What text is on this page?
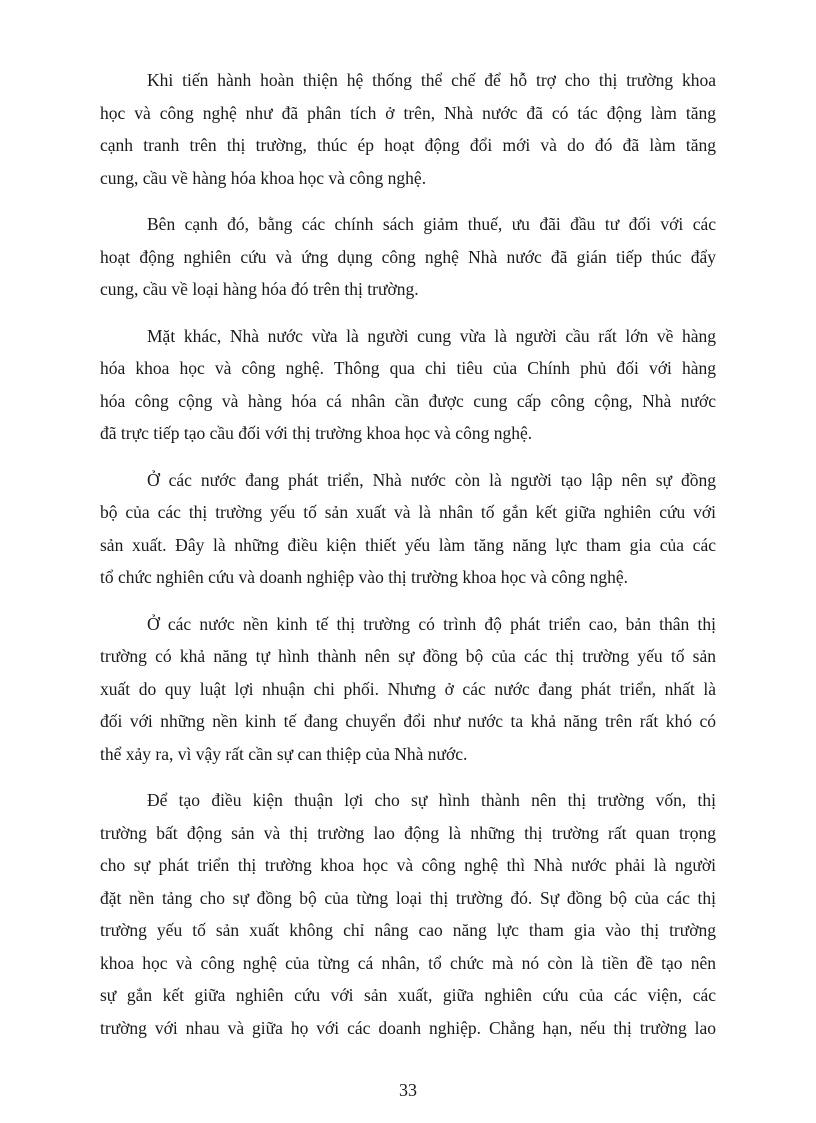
Khi tiến hành hoàn thiện hệ thống thể chế để hỗ trợ cho thị trường khoa
học và công nghệ như đã phân tích ở trên, Nhà nước đã có tác động làm tăng
cạnh tranh trên thị trường, thúc ép hoạt động đổi mới và do đó đã làm tăng
cung, cầu về hàng hóa khoa học và công nghệ.
Bên cạnh đó, bằng các chính sách giảm thuế, ưu đãi đầu tư đối với các
hoạt động nghiên cứu và ứng dụng công nghệ Nhà nước đã gián tiếp thúc đẩy
cung, cầu về loại hàng hóa đó trên thị trường.
Mặt khác, Nhà nước vừa là người cung vừa là người cầu rất lớn về hàng
hóa khoa học và công nghệ. Thông qua chi tiêu của Chính phủ đối với hàng
hóa công cộng và hàng hóa cá nhân cần được cung cấp công cộng, Nhà nước
đã trực tiếp tạo cầu đối với thị trường khoa học và công nghệ.
Ở các nước đang phát triển, Nhà nước còn là người tạo lập nên sự đồng
bộ của các thị trường yếu tố sản xuất và là nhân tố gắn kết giữa nghiên cứu với
sản xuất. Đây là những điều kiện thiết yếu làm tăng năng lực tham gia của các
tổ chức nghiên cứu và doanh nghiệp vào thị trường khoa học và công nghệ.
Ở các nước nền kinh tế thị trường có trình độ phát triển cao, bản thân thị
trường có khả năng tự hình thành nên sự đồng bộ của các thị trường yếu tố sản
xuất do quy luật lợi nhuận chi phối. Nhưng ở các nước đang phát triển, nhất là
đối với những nền kinh tế đang chuyển đổi như nước ta khả năng trên rất khó có
thể xảy ra, vì vậy rất cần sự can thiệp của Nhà nước.
Để tạo điều kiện thuận lợi cho sự hình thành nên thị trường vốn, thị
trường bất động sản và thị trường lao động là những thị trường rất quan trọng
cho sự phát triển thị trường khoa học và công nghệ thì Nhà nước phải là người
đặt nền tảng cho sự đồng bộ của từng loại thị trường đó. Sự đồng bộ của các thị
trường yếu tố sản xuất không chỉ nâng cao năng lực tham gia vào thị trường
khoa học và công nghệ của từng cá nhân, tổ chức mà nó còn là tiền đề tạo nên
sự gắn kết giữa nghiên cứu với sản xuất, giữa nghiên cứu của các viện, các
trường với nhau và giữa họ với các doanh nghiệp. Chẳng hạn, nếu thị trường lao
33
